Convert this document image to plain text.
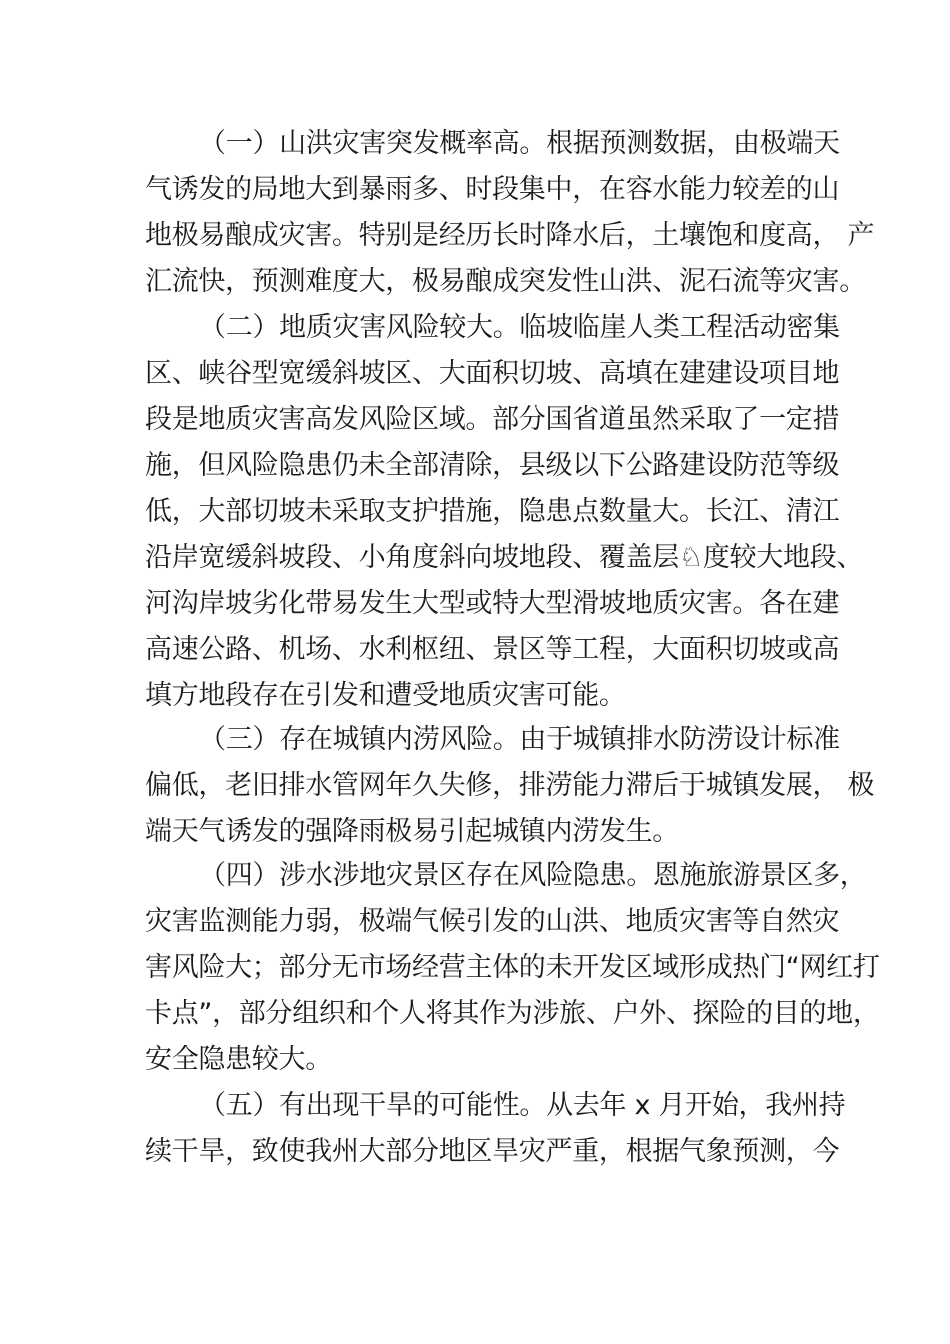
（一）山洪灾害突发概率高。根据预测数据，由极端天
气诱发的局地大到暴雨多、时段集中，在容水能力较差的山
地极易酿成灾害。特别是经历长时降水后，土壤饱和度高， 产
汇流快，预测难度大，极易酿成突发性山洪、泥石流等灾害。
（二）地质灾害风险较大。临坡临崖人类工程活动密集
区、峡谷型宽缓斜坡区、大面积切坡、高填在建建设项目地
段是地质灾害高发风险区域。部分国省道虽然采取了一定措
施，但风险隐患仍未全部清除，县级以下公路建设防范等级
低，大部切坡未采取支护措施，隐患点数量大。长江、清江
沿岸宽缓斜坡段、小角度斜向坡地段、覆盖层♘度较大地段、
河沟岸坡劣化带易发生大型或特大型滑坡地质灾害。各在建
高速公路、机场、水利枢纽、景区等工程，大面积切坡或高
填方地段存在引发和遭受地质灾害可能。
（三）存在城镇内涝风险。由于城镇排水防涝设计标准
偏低，老旧排水管网年久失修，排涝能力滞后于城镇发展， 极
端天气诱发的强降雨极易引起城镇内涝发生。
（四）涉水涉地灾景区存在风险隐患。恩施旅游景区多，
灾害监测能力弱，极端气候引发的山洪、地质灾害等自然灾
害风险大；部分无市场经营主体的未开发区域形成热门“网红打
卡点”，部分组织和个人将其作为涉旅、户外、探险的目的地，
安全隐患较大。
（五）有出现干旱的可能性。从去年 x 月开始，我州持
续干旱，致使我州大部分地区旱灾严重，根据气象预测，今
